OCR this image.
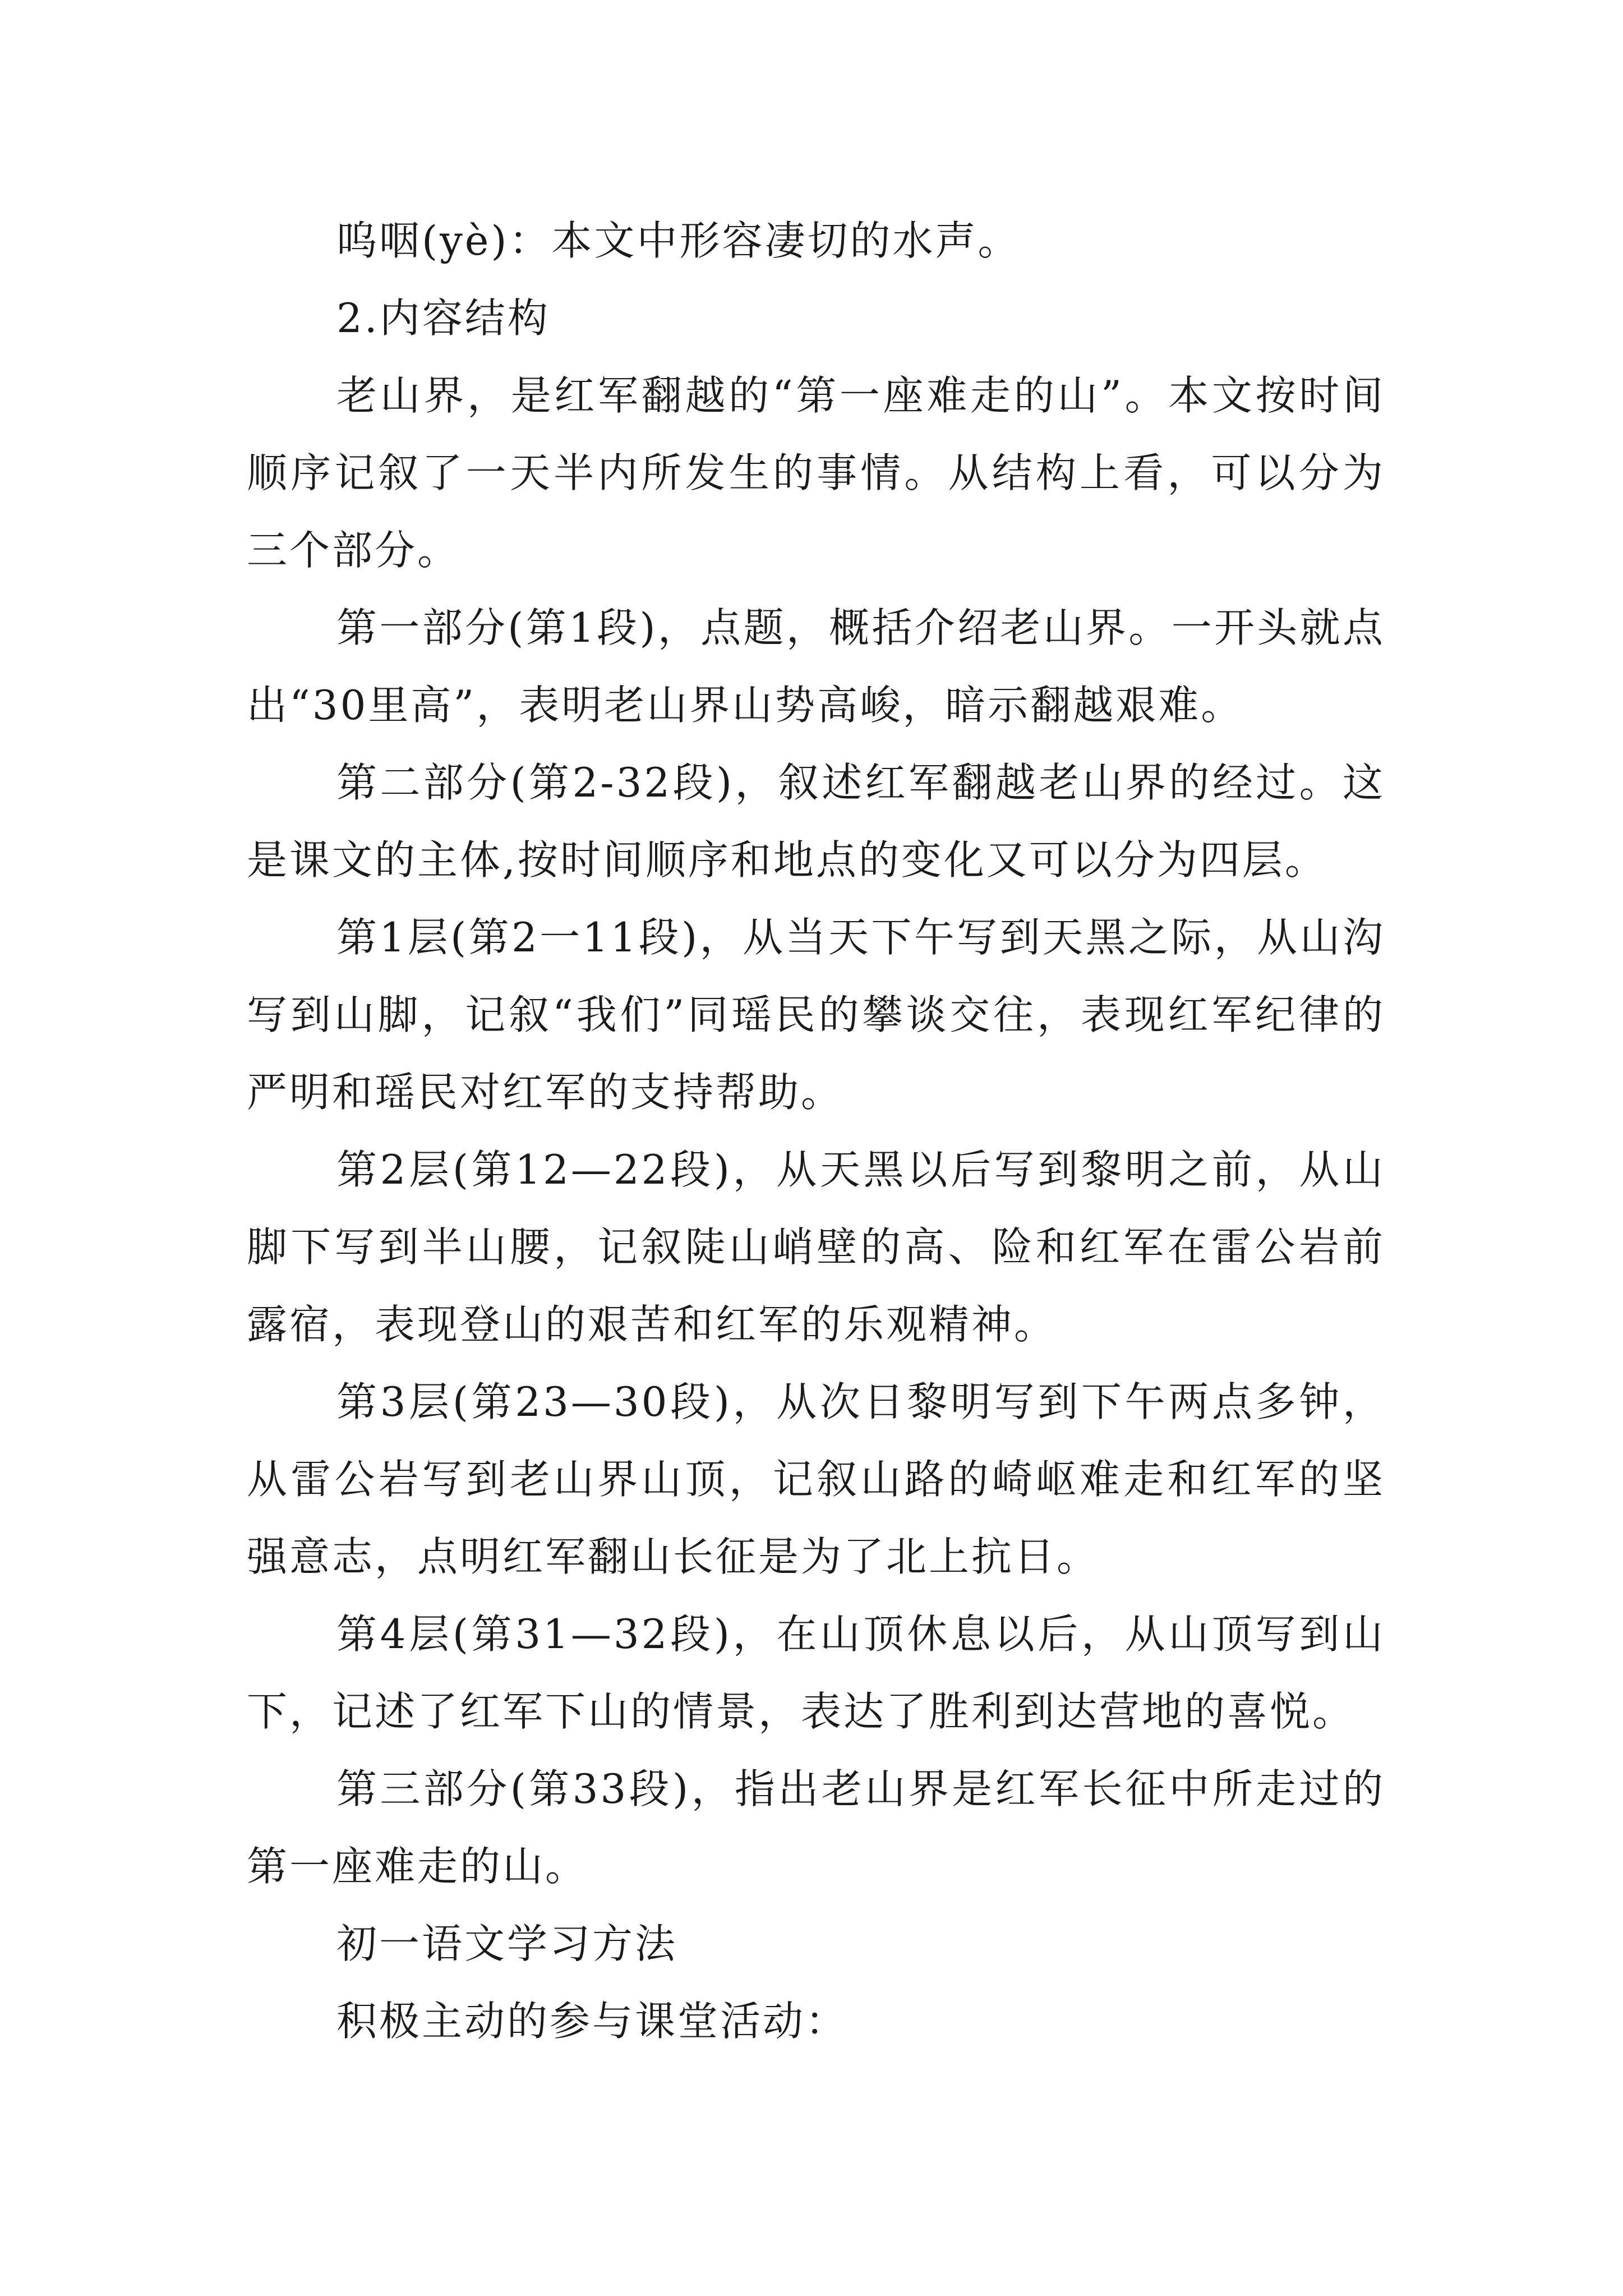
呜咽(yè)：本文中形容凄切的水声。

2.内容结构

老山界，是红军翻越的“第一座难走的山”。本文按时间顺序记叙了一天半内所发生的事情。从结构上看，可以分为三个部分。

第一部分(第1段)，点题，概括介绍老山界。一开头就点出“30里高”，表明老山界山势高峻，暗示翻越艰难。

第二部分(第2-32段)，叙述红军翻越老山界的经过。这是课文的主体,按时间顺序和地点的变化又可以分为四层。

第1层(第2一11段)，从当天下午写到天黑之际，从山沟写到山脚，记叙“我们”同瑶民的攀谈交往，表现红军纪律的严明和瑶民对红军的支持帮助。

第2层(第12—22段)，从天黑以后写到黎明之前，从山脚下写到半山腰，记叙陡山峭壁的高、险和红军在雷公岩前露宿，表现登山的艰苦和红军的乐观精神。

第3层(第23—30段)，从次日黎明写到下午两点多钟，从雷公岩写到老山界山顶，记叙山路的崎岖难走和红军的坚强意志，点明红军翻山长征是为了北上抗日。

第4层(第31—32段)，在山顶休息以后，从山顶写到山下，记述了红军下山的情景，表达了胜利到达营地的喜悦。

第三部分(第33段)，指出老山界是红军长征中所走过的第一座难走的山。

初一语文学习方法

积极主动的参与课堂活动：
